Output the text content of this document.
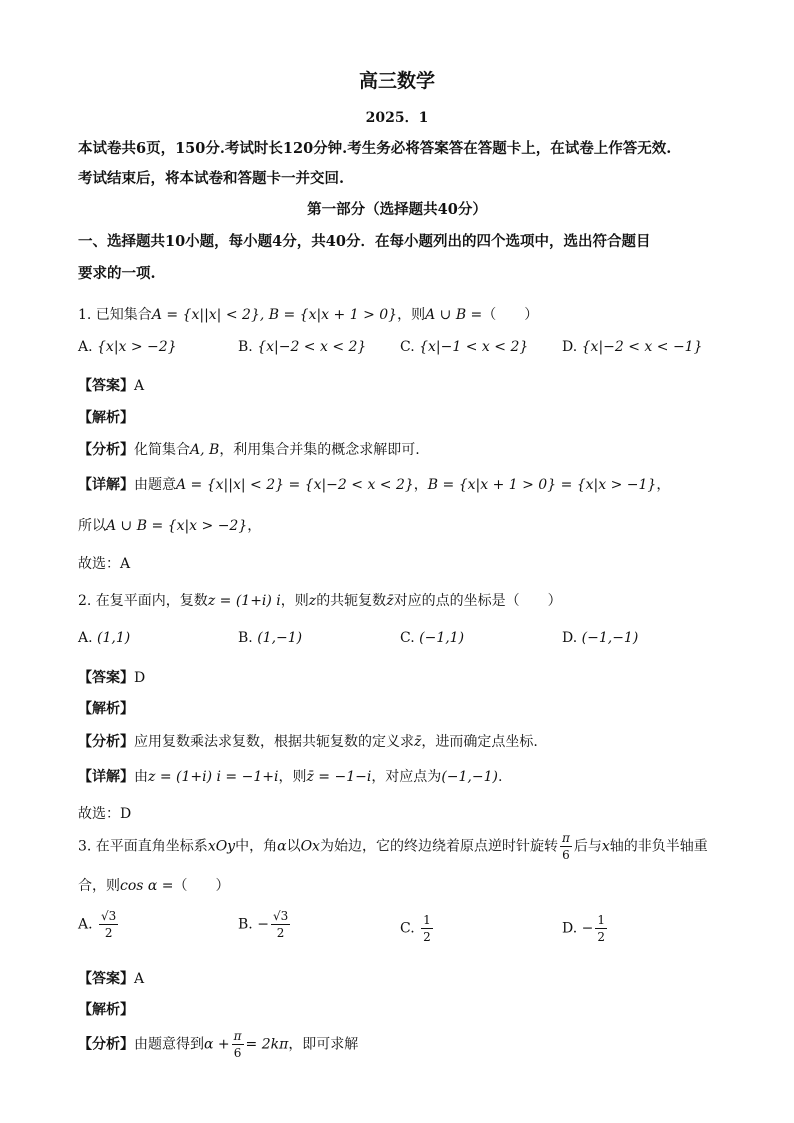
高三数学
2025．1
本试卷共6页，150分.考试时长120分钟.考生务必将答案答在答题卡上，在试卷上作答无效.
考试结束后，将本试卷和答题卡一并交回.
第一部分（选择题共40分）
一、选择题共10小题，每小题4分，共40分．在每小题列出的四个选项中，选出符合题目
要求的一项.
1. 已知集合A = {x||x| < 2}, B = {x|x + 1 > 0}，则A ∪ B =（　　）
A. {x|x > −2}	B. {x|−2 < x < 2} C. {x|−1 < x < 2} D. {x|−2 < x < −1}
【答案】A
【解析】
【分析】化简集合A, B，利用集合并集的概念求解即可.
【详解】由题意A = {x||x| < 2} = {x|−2 < x < 2}，B = {x|x + 1 > 0} = {x|x > −1}，
所以A ∪ B = {x|x > −2}，
故选：A
2. 在复平面内，复数z = (1+i) i，则z的共轭复数z̄对应的点的坐标是（　　）
A. (1,1)	B. (1,−1)	C. (−1,1)	D. (−1,−1)
【答案】D
【解析】
【分析】应用复数乘法求复数，根据共轭复数的定义求z̄，进而确定点坐标.
【详解】由z = (1+i) i = −1+i，则z̄ = −1−i，对应点为(−1,−1).
故选：D
3. 在平面直角坐标系xOy中，角α以Ox为始边，它的终边绕着原点逆时针旋转 $\frac{\pi}{6}$ 后与x轴的非负半轴重
合，则cos α =（　　）
A. $\frac{√3}{2}$	B. − $\frac{√3}{2}$	C. $\frac{1}{2}$	D. − $\frac{1}{2}$
【答案】A
【解析】
【分析】由题意得到$\alpha + \frac{\pi}{6} = 2k\pi$，即可求解
